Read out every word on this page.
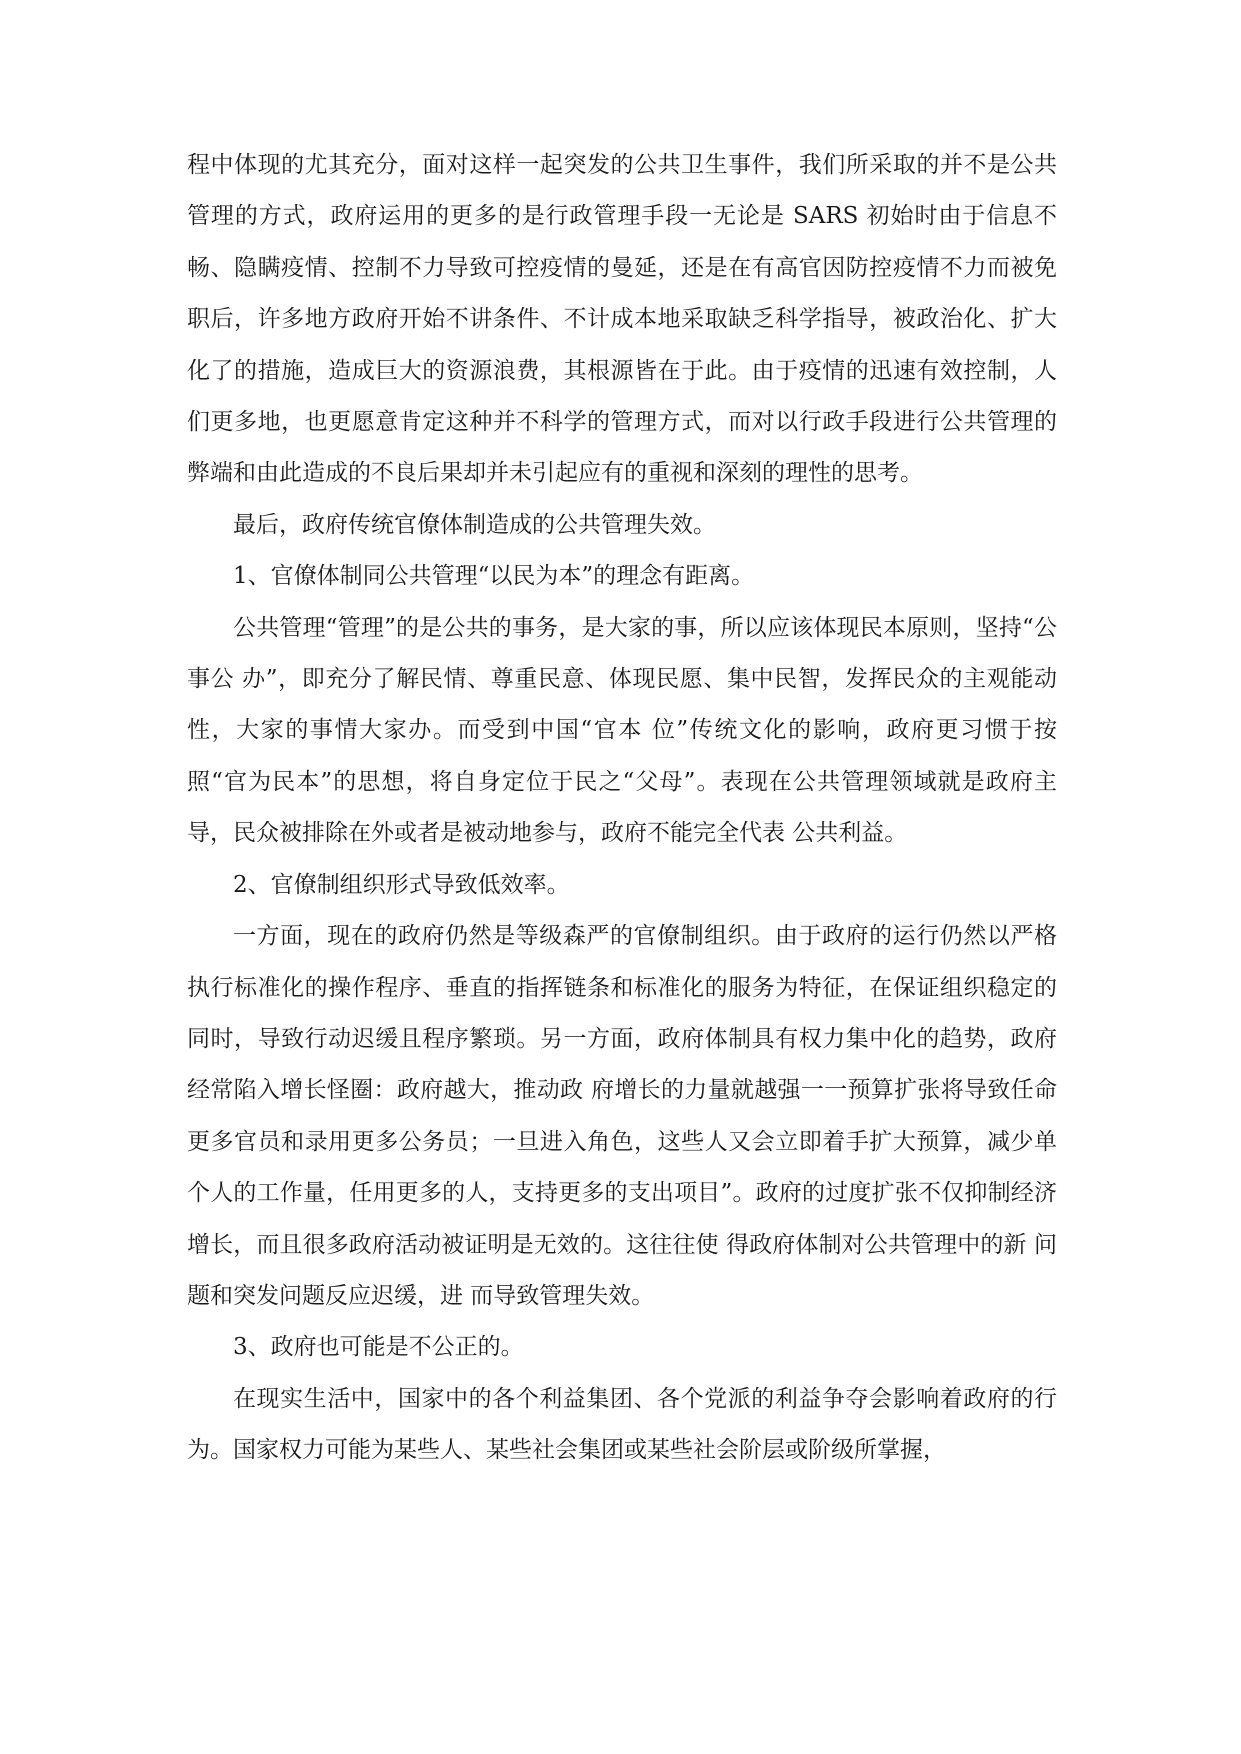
程中体现的尤其充分，面对这样一起突发的公共卫生事件，我们所采取的并不是公共管理的方式，政府运用的更多的是行政管理手段一无论是 SARS 初始时由于信息不畅、隐瞒疫情、控制不力导致可控疫情的曼延，还是在有高官因防控疫情不力而被免职后，许多地方政府开始不讲条件、不计成本地采取缺乏科学指导，被政治化、扩大化了的措施，造成巨大的资源浪费，其根源皆在于此。由于疫情的迅速有效控制，人们更多地，也更愿意肯定这种并不科学的管理方式，而对以行政手段进行公共管理的弊端和由此造成的不良后果却并未引起应有的重视和深刻的理性的思考。

最后，政府传统官僚体制造成的公共管理失效。

1、官僚体制同公共管理“以民为本”的理念有距离。

公共管理“管理”的是公共的事务，是大家的事，所以应该体现民本原则，坚持“公事公 办”，即充分了解民情、尊重民意、体现民愿、集中民智，发挥民众的主观能动性，大家的事情大家办。而受到中国“官本 位”传统文化的影响，政府更习惯于按照“官为民本”的思想，将自身定位于民之“父母”。表现在公共管理领域就是政府主导，民众被排除在外或者是被动地参与，政府不能完全代表 公共利益。

2、官僚制组织形式导致低效率。

一方面，现在的政府仍然是等级森严的官僚制组织。由于政府的运行仍然以严格执行标准化的操作程序、垂直的指挥链条和标准化的服务为特征，在保证组织稳定的同时，导致行动迟缓且程序繁琐。另一方面，政府体制具有权力集中化的趋势，政府经常陷入增长怪圈：政府越大，推动政 府增长的力量就越强一一预算扩张将导致任命更多官员和录用更多公务员；一旦进入角色，这些人又会立即着手扩大预算，减少单个人的工作量，任用更多的人，支持更多的支出项目”。政府的过度扩张不仅抑制经济增长，而且很多政府活动被证明是无效的。这往往使 得政府体制对公共管理中的新 问题和突发问题反应迟缓，进 而导致管理失效。

3、政府也可能是不公正的。

在现实生活中，国家中的各个利益集团、各个党派的利益争夺会影响着政府的行为。国家权力可能为某些人、某些社会集团或某些社会阶层或阶级所掌握，
